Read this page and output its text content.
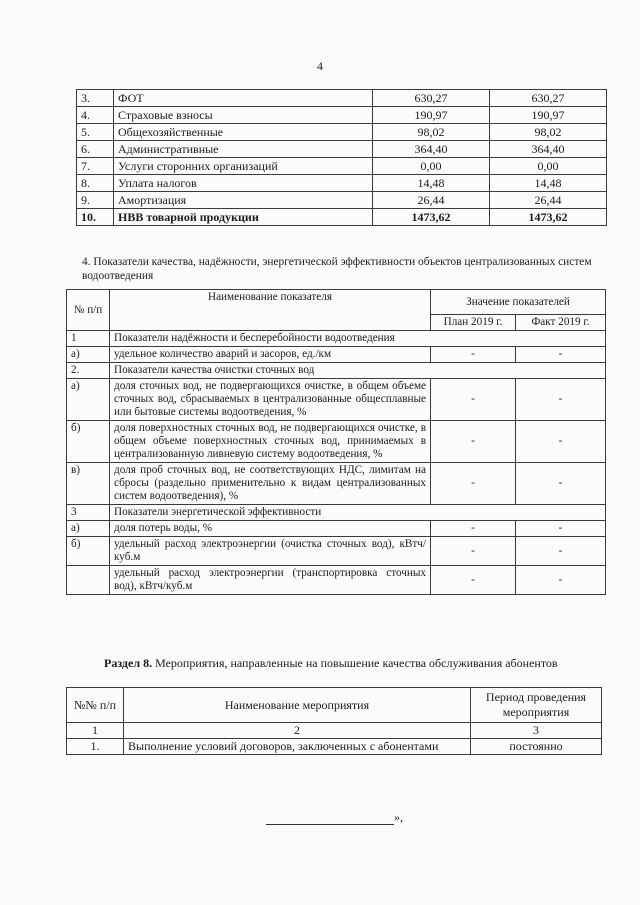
4
3.	ФОТ	630,27	630,27
4.	Страховые взносы	190,97	190,97
5.	Общехозяйственные	98,02	98,02
6.	Административные	364,40	364,40
7.	Услуги сторонних организаций	0,00	0,00
8.	Уплата налогов	14,48	14,48
9.	Амортизация	26,44	26,44
10.	НВВ товарной продукции	1473,62	1473,62
4. Показатели качества, надёжности, энергетической эффективности объектов централизованных систем водоотведения
№ п/п	Наименование показателя	Значение показателей	
		План 2019 г.	Факт 2019 г.
1	Показатели надёжности и бесперебойности водоотведения		
а)	удельное количество аварий и засоров, ед./км	-	-
2.	Показатели качества очистки сточных вод		
а)	доля сточных вод, не подвергающихся очистке, в общем объеме сточных вод, сбрасываемых в централизованные общесплавные или бытовые системы водоотведения, %	-	-
б)	доля поверхностных сточных вод, не подвергающихся очистке, в общем объеме поверхностных сточных вод, принимаемых в централизованную ливневую систему водоотведения, %	-	-
в)	доля проб сточных вод, не соответствующих НДС, лимитам на сбросы (раздельно применительно к видам централизованных систем водоотведения), %	-	-
3	Показатели энергетической эффективности		
а)	доля потерь воды, %	-	-
б)	удельный расход электроэнергии (очистка сточных вод), кВтч/куб.м	-	-
	удельный расход электроэнергии (транспортировка сточных вод), кВтч/куб.м	-	-
Раздел 8. Мероприятия, направленные на повышение качества обслуживания абонентов
№№ п/п	Наименование мероприятия	Период проведения мероприятия
1	2	3
1.	Выполнение условий договоров, заключенных с абонентами	постоянно
»,
